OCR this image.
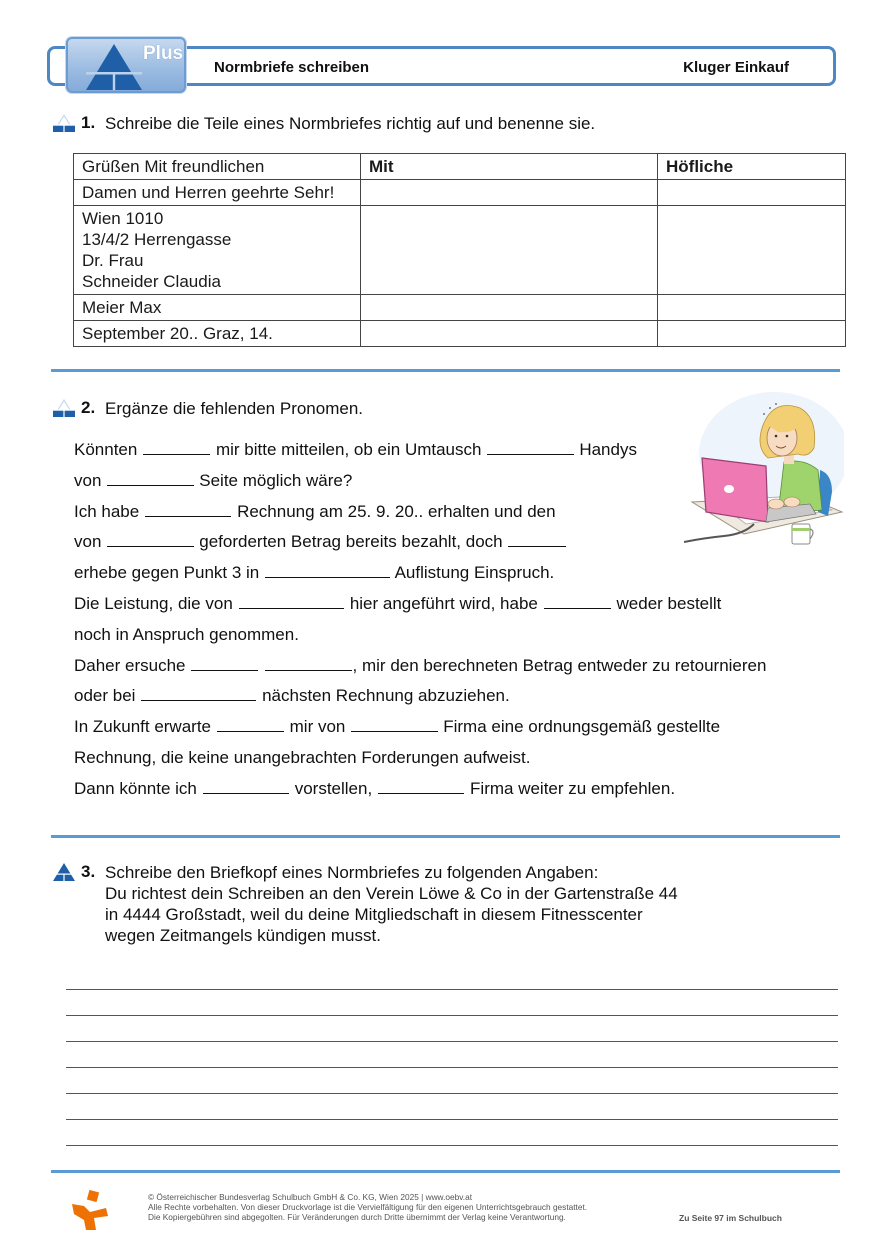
Plus
Normbriefe schreiben	Kluger Einkauf
1. Schreibe die Teile eines Normbriefes richtig auf und benenne sie.
Grüßen Mit freundlichen	Mit	Höfliche

Damen und Herren geehrte Sehr!		

Wien 1010
13/4/2 Herrengasse
Dr. Frau
Schneider Claudia		

Meier Max		

September 20.. Graz, 14.		

2. Ergänze die fehlenden Pronomen.
Könnten	mir bitte mitteilen, ob ein Umtausch	Handys
von	Seite möglich wäre?
Ich habe	Rechnung am 25. 9. 20.. erhalten und den
von	geforderten Betrag bereits bezahlt, doch
erhebe gegen Punkt 3 in	Auflistung Einspruch.
Die Leistung, die von	hier angeführt wird, habe	weder bestellt
noch in Anspruch genommen.
Daher ersuche	, mir den berechneten Betrag entweder zu retournieren
oder bei	nächsten Rechnung abzuziehen.
In Zukunft erwarte	mir von	Firma eine ordnungsgemäß gestellte
Rechnung, die keine unangebrachten Forderungen aufweist.
Dann könnte ich	vorstellen,	Firma weiter zu empfehlen.
3. Schreibe den Briefkopf eines Normbriefes zu folgenden Angaben:
Du richtest dein Schreiben an den Verein Löwe & Co in der Gartenstraße 44
in 4444 Großstadt, weil du deine Mitgliedschaft in diesem Fitnesscenter
wegen Zeitmangels kündigen musst.
© Österreichischer Bundesverlag Schulbuch GmbH & Co. KG, Wien 2025 | www.oebv.at
Alle Rechte vorbehalten. Von dieser Druckvorlage ist die Vervielfältigung für den eigenen Unterrichtsgebrauch gestattet.
Die Kopiergebühren sind abgegolten. Für Veränderungen durch Dritte übernimmt der Verlag keine Verantwortung.	Zu Seite 97 im Schulbuch
